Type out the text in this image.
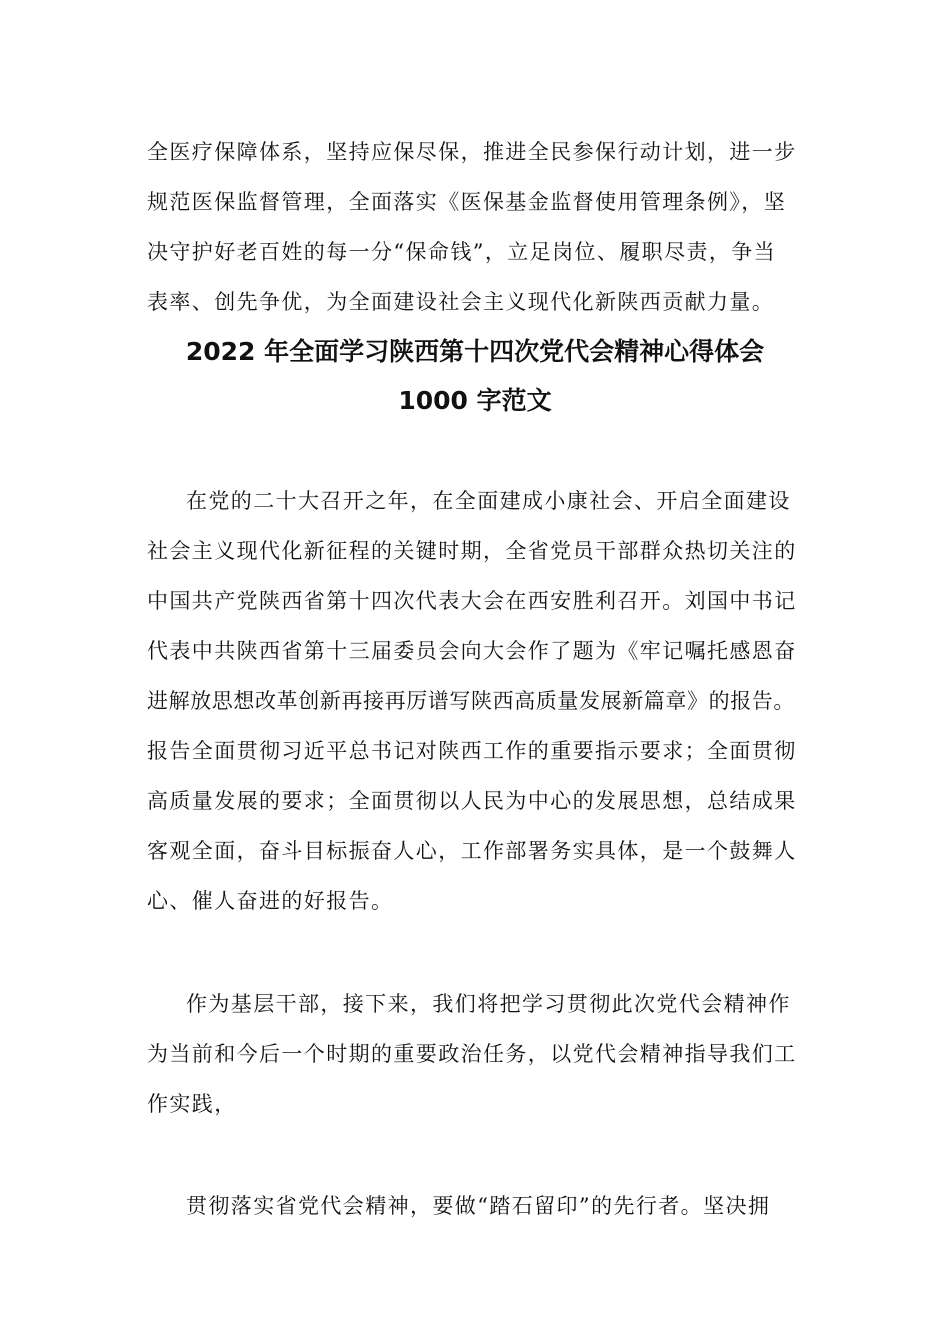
全医疗保障体系，坚持应保尽保，推进全民参保行动计划，进一步
规范医保监督管理，全面落实《医保基金监督使用管理条例》，坚
决守护好老百姓的每一分“保命钱”，立足岗位、履职尽责，争当
表率、创先争优，为全面建设社会主义现代化新陕西贡献力量。
2022 年全面学习陕西第十四次党代会精神心得体会
1000 字范文
在党的二十大召开之年，在全面建成小康社会、开启全面建设
社会主义现代化新征程的关键时期，全省党员干部群众热切关注的
中国共产党陕西省第十四次代表大会在西安胜利召开。刘国中书记
代表中共陕西省第十三届委员会向大会作了题为《牢记嘱托感恩奋
进解放思想改革创新再接再厉谱写陕西高质量发展新篇章》的报告。
报告全面贯彻习近平总书记对陕西工作的重要指示要求；全面贯彻
高质量发展的要求；全面贯彻以人民为中心的发展思想，总结成果
客观全面，奋斗目标振奋人心，工作部署务实具体，是一个鼓舞人
心、催人奋进的好报告。
作为基层干部，接下来，我们将把学习贯彻此次党代会精神作
为当前和今后一个时期的重要政治任务，以党代会精神指导我们工
作实践，
贯彻落实省党代会精神，要做“踏石留印”的先行者。坚决拥
